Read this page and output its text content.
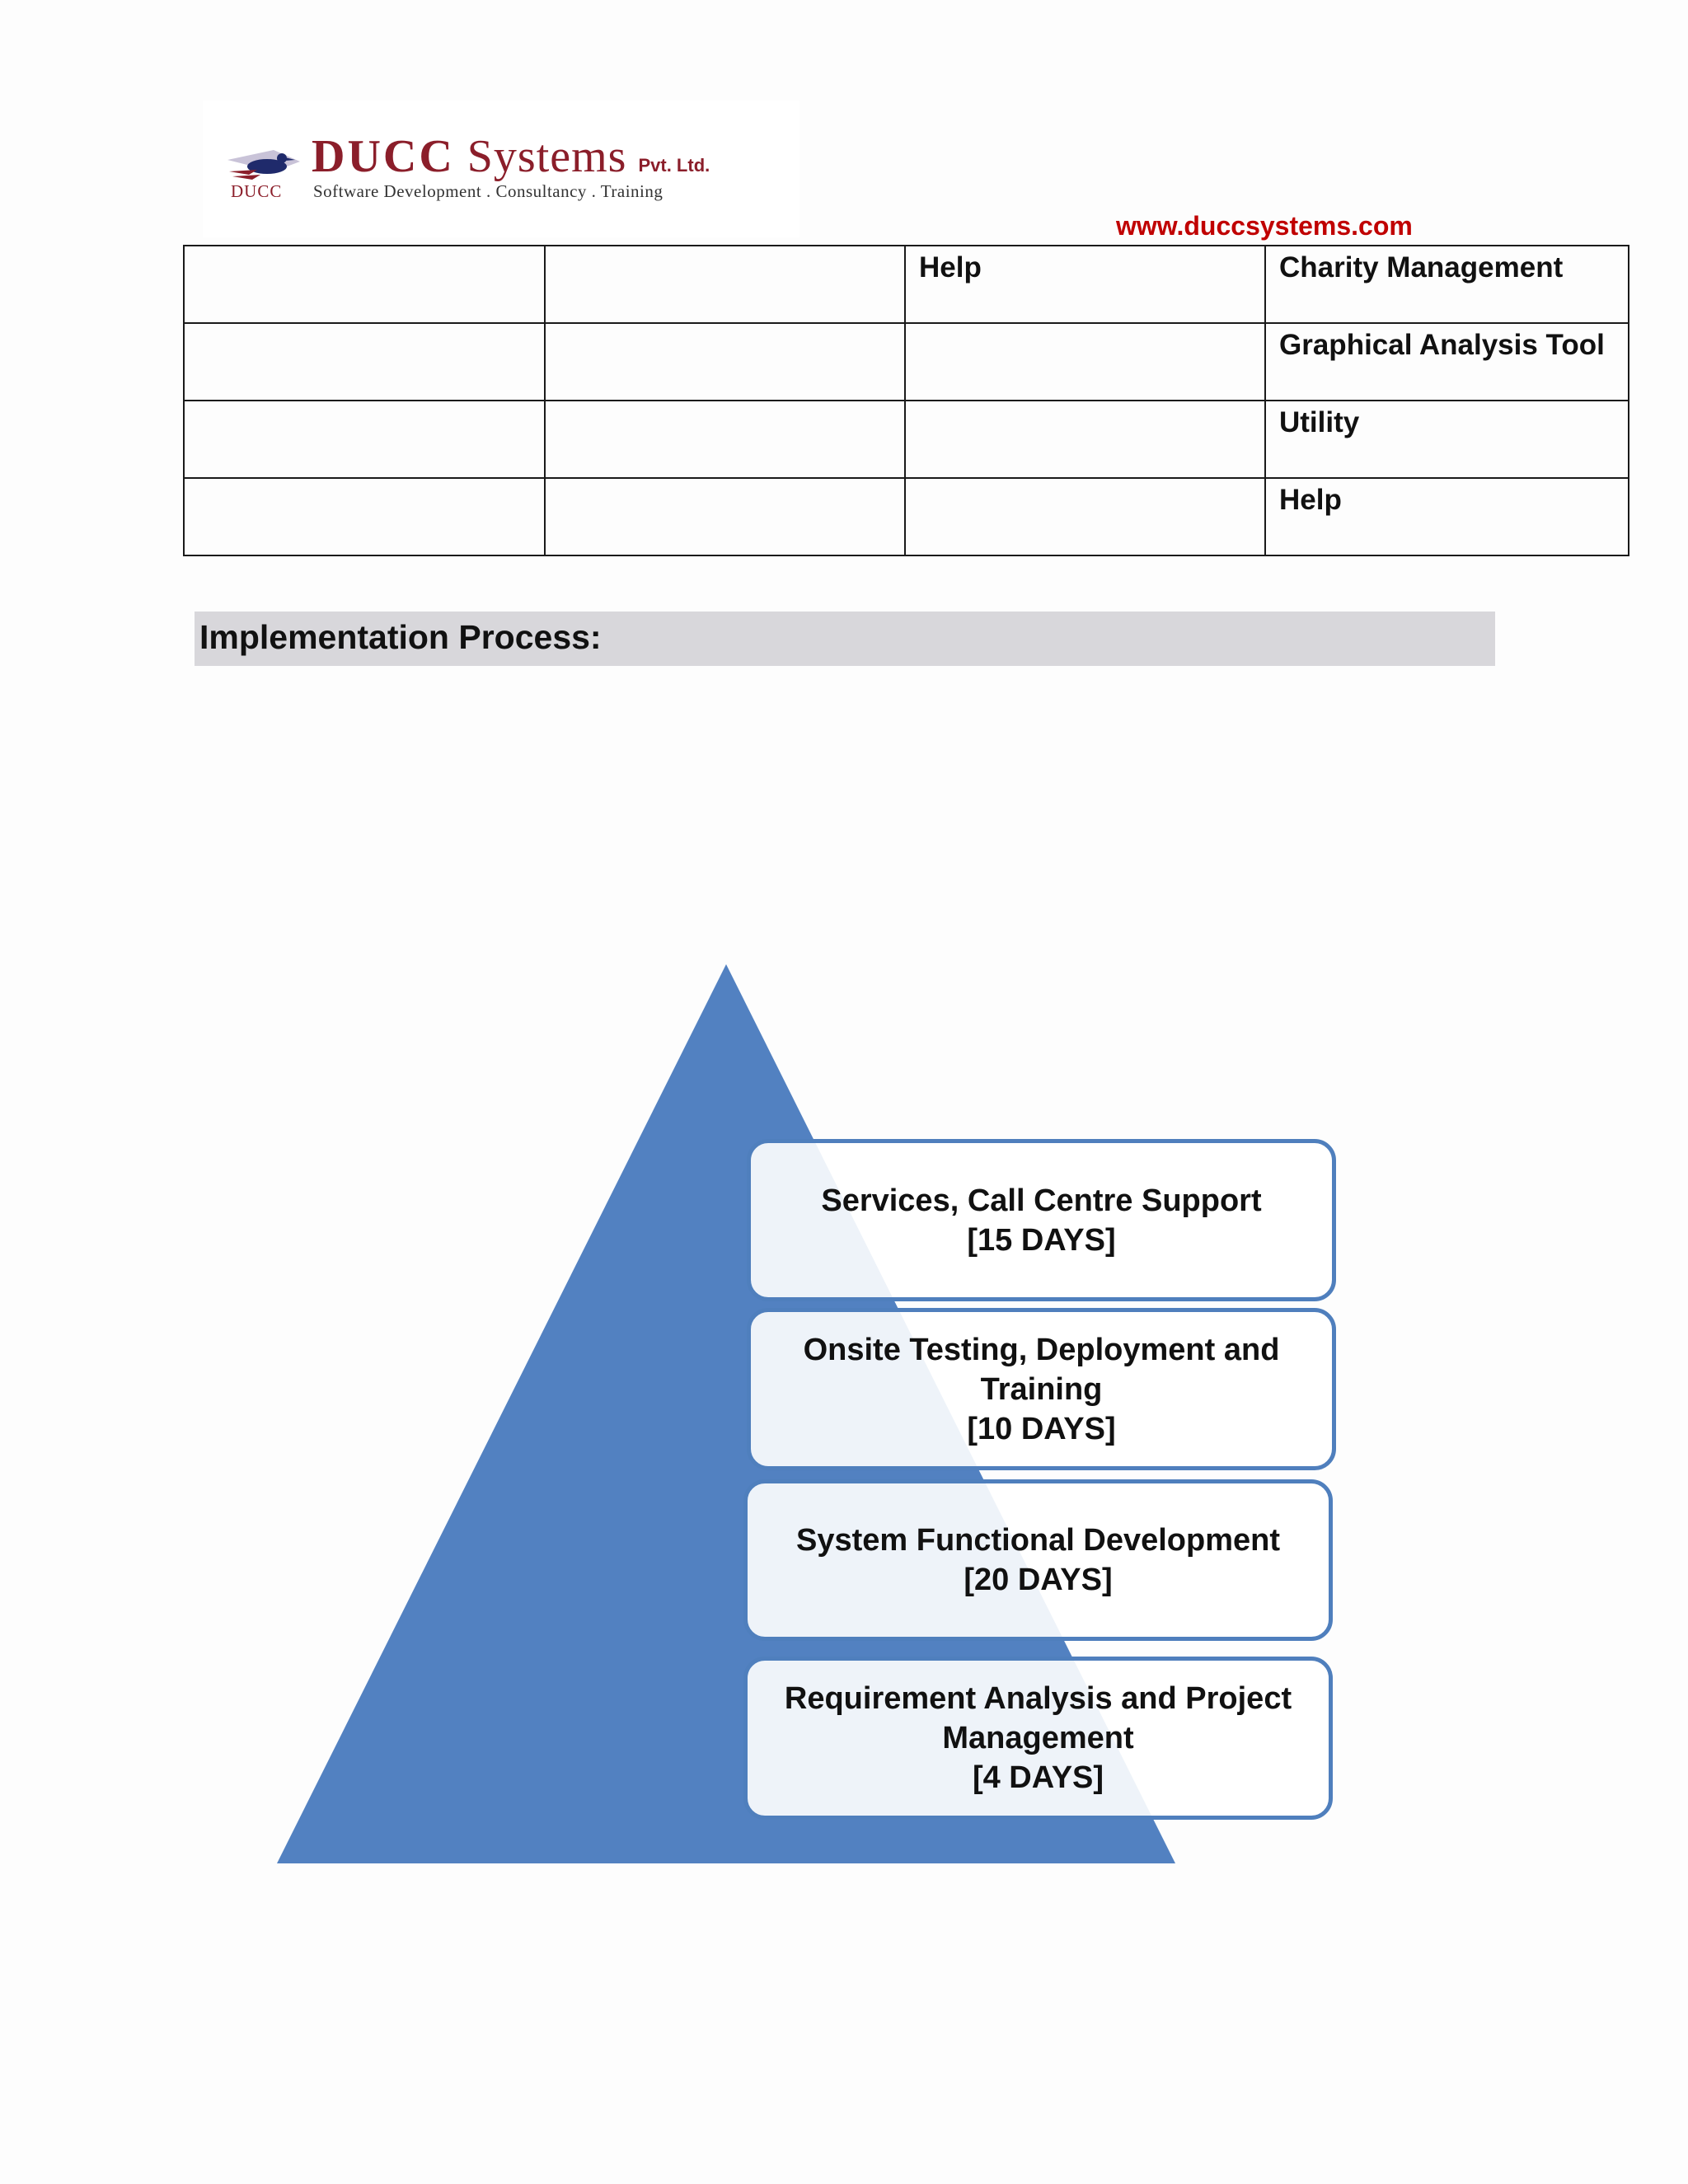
DUCC Systems Pvt. Ltd.
DUCC Software Development . Consultancy . Training
www.duccsystems.com
		Help	Charity Management
			Graphical Analysis Tool
			Utility
			Help
Implementation Process:
Services, Call Centre Support
[15 DAYS]
Onsite Testing, Deployment and
Training
[10 DAYS]
System Functional Development
[20 DAYS]
Requirement Analysis and Project
Management
[4 DAYS]
